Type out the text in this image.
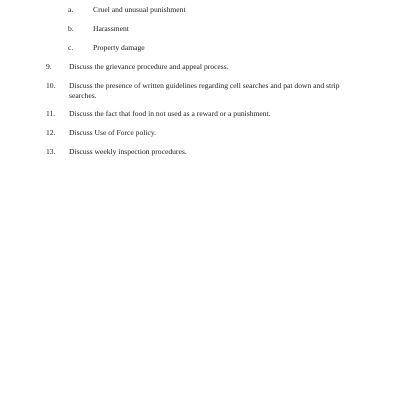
a.	Cruel and unusual punishment
b.	Harassment
c.	Property damage
9. Discuss the grievance procedure and appeal process.
10. Discuss the presence of written guidelines regarding cell searches and pat down and strip searches.
11. Discuss the fact that food in not used as a reward or a punishment.
12. Discuss Use of Force policy.
13. Discuss weekly inspection procedures.
